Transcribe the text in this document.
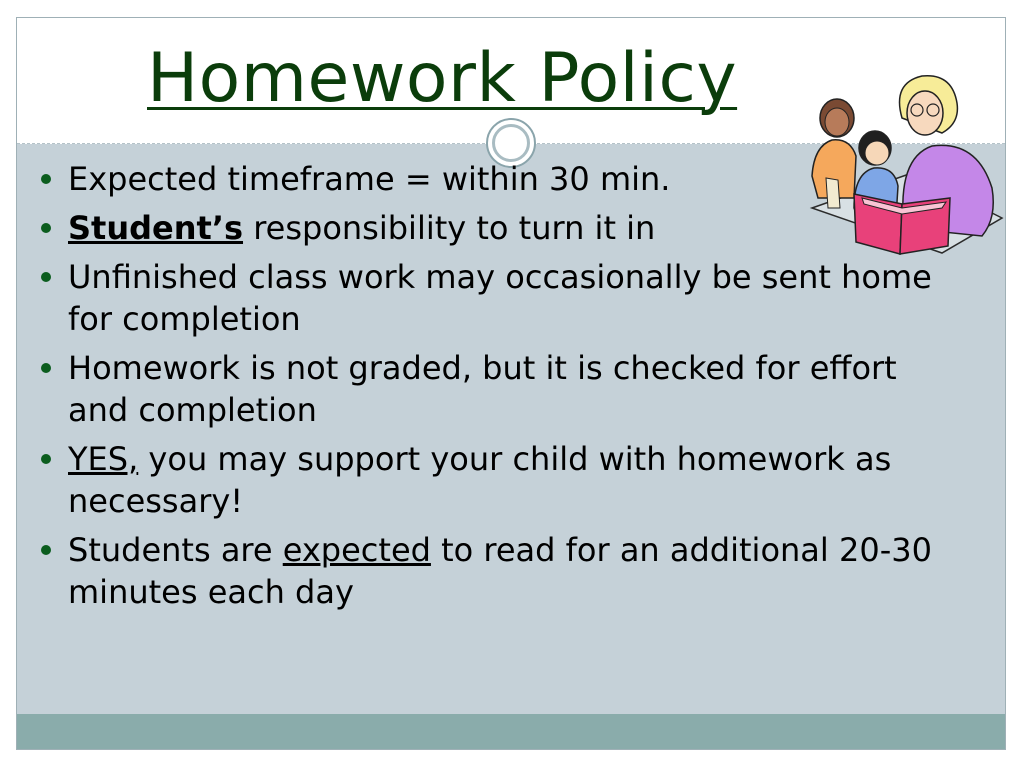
Homework Policy
Expected timeframe = within 30 min.
Student’s responsibility to turn it in
Unfinished class work may occasionally be sent home for completion
Homework is not graded, but it is checked for effort and completion
YES, you may support your child with homework as necessary!
Students are expected to read for an additional 20-30 minutes each day
